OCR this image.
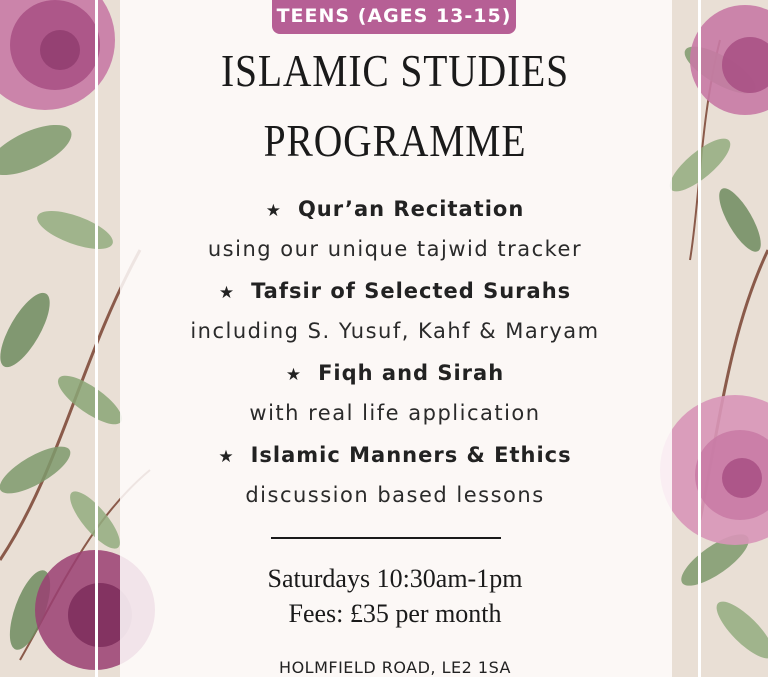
TEENS (AGES 13-15)
ISLAMIC STUDIES
PROGRAMME
★ Qur’an Recitation
using our unique tajwid tracker
★ Tafsir of Selected Surahs
including S. Yusuf, Kahf & Maryam
★ Fiqh and Sirah
with real life application
★ Islamic Manners & Ethics
discussion based lessons
Saturdays 10:30am-1pm
Fees: £35 per month
HOLMFIELD ROAD, LE2 1SA
